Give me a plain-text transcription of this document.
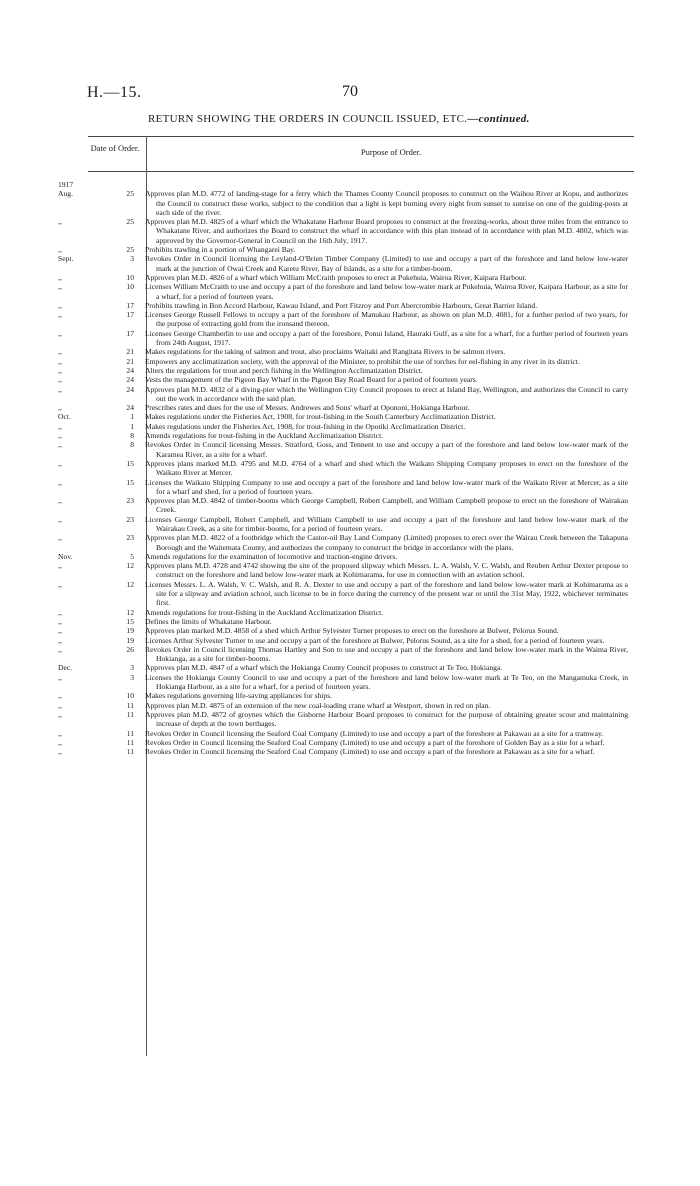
H.—15.	70
RETURN SHOWING THE ORDERS IN COUNCIL ISSUED, ETC.—continued.
Date of Order.	Purpose of Order.
1917
Aug.	25 Approves plan M.D. 4772 of landing-stage for a ferry which the Thames County Council proposes to construct on the Waihou River at Kopu, and authorizes the Council to construct these works, subject to the condition that a light is kept burning every night from sunset to sunrise on one of the guiding-posts at each side of the river.
,,	25 Approves plan M.D. 4825 of a wharf which the Whakatane Harbour Board proposes to construct at the freezing-works, about three miles from the entrance to Whakatane River, and authorizes the Board to construct the wharf in accordance with this plan instead of in accordance with plan M.D. 4802, which was approved by the Governor-General in Council on the 16th July, 1917.
,,	25 Prohibits trawling in a portion of Whangarei Bay.
Sept.	3 Revokes Order in Council licensing the Leyland-O'Brien Timber Company (Limited) to use and occupy a part of the foreshore and land below low-water mark at the junction of Owai Creek and Karetu River, Bay of Islands, as a site for a timber-boom.
,,	10 Approves plan M.D. 4826 of a wharf which William McCraith proposes to erect at Pukehuia, Wairoa River, Kaipara Harbour.
,,	10 Licenses William McCraith to use and occupy a part of the foreshore and land below low-water mark at Pukehuia, Wairoa River, Kaipara Harbour, as a site for a wharf, for a period of fourteen years.
,,	17 Prohibits trawling in Bon Accord Harbour, Kawau Island, and Port Fitzroy and Port Abercrombie Harbours, Great Barrier Island.
,,	17 Licenses George Russell Fellows to occupy a part of the foreshore of Manukau Harbour, as shown on plan M.D. 4081, for a further period of two years, for the purpose of extracting gold from the ironsand thereon.
,,	17 Licenses George Chamberlin to use and occupy a part of the foreshore, Ponui Island, Hauraki Gulf, as a site for a wharf, for a further period of fourteen years from 24th August, 1917.
,,	21 Makes regulations for the taking of salmon and trout, also proclaims Waitaki and Rangitata Rivers to be salmon rivers.
,,	21 Empowers any acclimatization society, with the approval of the Minister, to prohibit the use of torches for eel-fishing in any river in its district.
,,	24 Alters the regulations for trout and perch fishing in the Wellington Acclimatization District.
,,	24 Vests the management of the Pigeon Bay Wharf in the Pigeon Bay Road Board for a period of fourteen years.
,,	24 Approves plan M.D. 4832 of a diving-pier which the Wellington City Council proposes to erect at Island Bay, Wellington, and authorizes the Council to carry out the work in accordance with the said plan.
,,	24 Prescribes rates and dues for the use of Messrs. Andrewes and Sons' wharf at Opononi, Hokianga Harbour.
Oct.	1 Makes regulations under the Fisheries Act, 1908, for trout-fishing in the South Canterbury Acclimatization District.
,,	1 Makes regulations under the Fisheries Act, 1908, for trout-fishing in the Opotiki Acclimatization District.
,,	8 Amends regulations for trout-fishing in the Auckland Acclimatization District.
,,	8 Revokes Order in Council licensing Messrs. Stratford, Goss, and Tennent to use and occupy a part of the foreshore and land below low-water mark of the Karamea River, as a site for a wharf.
,,	15 Approves plans marked M.D. 4795 and M.D. 4764 of a wharf and shed which the Waikato Shipping Company proposes to erect on the foreshore of the Waikato River at Mercer.
,,	15 Licenses the Waikato Shipping Company to use and occupy a part of the foreshore and land below low-water mark of the Waikato River at Mercer, as a site for a wharf and shed, for a period of fourteen years.
,,	23 Approves plan M.D. 4842 of timber-booms which George Campbell, Robert Campbell, and William Campbell propose to erect on the foreshore of Wairakau Creek.
,,	23 Licenses George Campbell, Robert Campbell, and William Campbell to use and occupy a part of the foreshore and land below low-water mark of the Wairakau Creek, as a site for timber-booms, for a period of fourteen years.
,,	23 Approves plan M.D. 4822 of a footbridge which the Castor-oil Bay Land Company (Limited) proposes to erect over the Wairau Creek between the Takapuna Borough and the Waitemata County, and authorizes the company to construct the bridge in accordance with the plans.
Nov.	5 Amends regulations for the examination of locomotive and traction-engine drivers.
,,	12 Approves plans M.D. 4728 and 4742 showing the site of the proposed slipway which Messrs. L. A. Walsh, V. C. Walsh, and Reuben Arthur Dexter propose to construct on the foreshore and land below low-water mark at Kohimarama, for use in connection with an aviation school.
,,	12 Licenses Messrs. L. A. Walsh, V. C. Walsh, and R. A. Dexter to use and occupy a part of the foreshore and land below low-water mark at Kohimarama as a site for a slipway and aviation school, such license to be in force during the currency of the present war or until the 31st May, 1922, whichever terminates first.
,,	12 Amends regulations for trout-fishing in the Auckland Acclimatization District.
,,	15 Defines the limits of Whakatane Harbour.
,,	19 Approves plan marked M.D. 4858 of a shed which Arthur Sylvester Turner proposes to erect on the foreshore at Bulwer, Pelorus Sound.
,,	19 Licenses Arthur Sylvester Turner to use and occupy a part of the foreshore at Bulwer, Pelorus Sound, as a site for a shed, for a period of fourteen years.
,,	26 Revokes Order in Council licensing Thomas Hartley and Son to use and occupy a part of the foreshore and land below low-water mark in the Waima River, Hokianga, as a site for timber-booms.
Dec.	3 Approves plan M.D. 4847 of a wharf which the Hokianga County Council proposes to construct at Te Teo, Hokianga.
,,	3 Licenses the Hokianga County Council to use and occupy a part of the foreshore and land below low-water mark at Te Teo, on the Mangamuka Creek, in Hokianga Harbour, as a site for a wharf, for a period of fourteen years.
,,	10 Makes regulations governing life-saving appliances for ships.
,,	11 Approves plan M.D. 4875 of an extension of the new coal-loading crane wharf at Westport, shown in red on plan.
,,	11 Approves plan M.D. 4872 of groynes which the Gisborne Harbour Board proposes to construct for the purpose of obtaining greater scour and maintaining increase of depth at the town berthages.
,,	11 Revokes Order in Council licensing the Seaford Coal Company (Limited) to use and occupy a part of the foreshore at Pakawau as a site for a tramway.
,,	11 Revokes Order in Council licensing the Seaford Coal Company (Limited) to use and occupy a part of the foreshore of Golden Bay as a site for a wharf.
,,	11 Revokes Order in Council licensing the Seaford Coal Company (Limited) to use and occupy a part of the foreshore at Pakawau as a site for a wharf.
